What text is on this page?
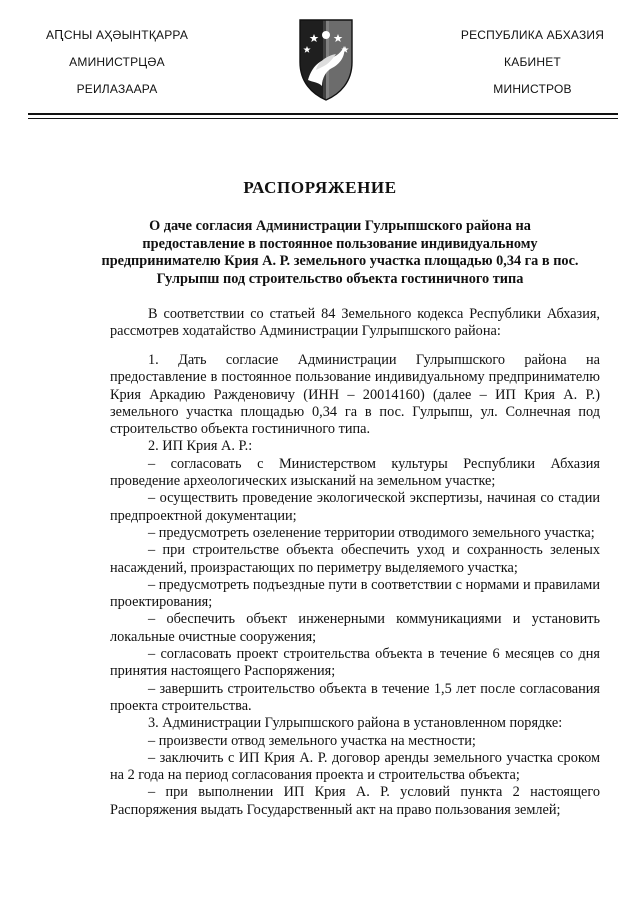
АԤСНЫ АҲӘЫНТҚАРРА
АМИНИСТРЦӘА
РЕИЛАЗААРА
РЕСПУБЛИКА АБХАЗИЯ
КАБИНЕТ
МИНИСТРОВ
РАСПОРЯЖЕНИЕ
О даче согласия Администрации Гулрыпшского района на предоставление в постоянное пользование индивидуальному предпринимателю Крия А. Р. земельного участка площадью 0,34 га в пос. Гулрыпш под строительство объекта гостиничного типа

В соответствии со статьей 84 Земельного кодекса Республики Абхазия, рассмотрев ходатайство Администрации Гулрыпшского района:

1. Дать согласие Администрации Гулрыпшского района на предоставление в постоянное пользование индивидуальному предпринимателю Крия Аркадию Ражденовичу (ИНН – 20014160) (далее – ИП Крия А. Р.) земельного участка площадью 0,34 га в пос. Гулрыпш, ул. Солнечная под строительство объекта гостиничного типа.

2. ИП Крия А. Р.:

– согласовать с Министерством культуры Республики Абхазия проведение археологических изысканий на земельном участке;

– осуществить проведение экологической экспертизы, начиная со стадии предпроектной документации;

– предусмотреть озеленение территории отводимого земельного участка;

– при строительстве объекта обеспечить уход и сохранность зеленых насаждений, произрастающих по периметру выделяемого участка;

– предусмотреть подъездные пути в соответствии с нормами и правилами проектирования;

– обеспечить объект инженерными коммуникациями и установить локальные очистные сооружения;

– согласовать проект строительства объекта в течение 6 месяцев со дня принятия настоящего Распоряжения;

– завершить строительство объекта в течение 1,5 лет после согласования проекта строительства.

3. Администрации Гулрыпшского района в установленном порядке:

– произвести отвод земельного участка на местности;

– заключить с ИП Крия А. Р. договор аренды земельного участка сроком на 2 года на период согласования проекта и строительства объекта;

– при выполнении ИП Крия А. Р. условий пункта 2 настоящего Распоряжения выдать Государственный акт на право пользования землей;
